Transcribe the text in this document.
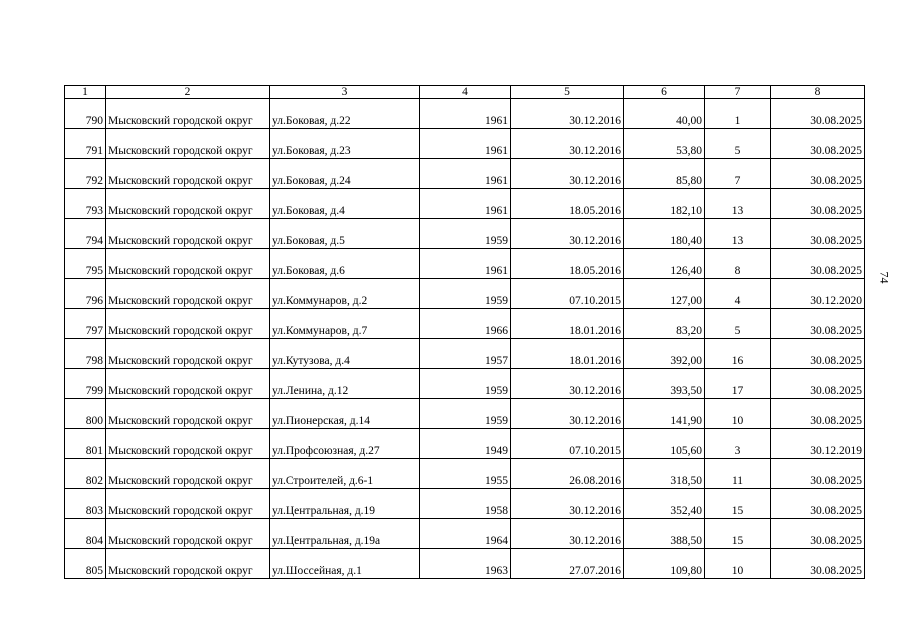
1	2	3	4	5	6	7	8
790	Мысковский городской округ	ул.Боковая, д.22	1961	30.12.2016	40,00	1	30.08.2025
791	Мысковский городской округ	ул.Боковая, д.23	1961	30.12.2016	53,80	5	30.08.2025
792	Мысковский городской округ	ул.Боковая, д.24	1961	30.12.2016	85,80	7	30.08.2025
793	Мысковский городской округ	ул.Боковая, д.4	1961	18.05.2016	182,10	13	30.08.2025
794	Мысковский городской округ	ул.Боковая, д.5	1959	30.12.2016	180,40	13	30.08.2025
795	Мысковский городской округ	ул.Боковая, д.6	1961	18.05.2016	126,40	8	30.08.2025
796	Мысковский городской округ	ул.Коммунаров, д.2	1959	07.10.2015	127,00	4	30.12.2020
797	Мысковский городской округ	ул.Коммунаров, д.7	1966	18.01.2016	83,20	5	30.08.2025
798	Мысковский городской округ	ул.Кутузова, д.4	1957	18.01.2016	392,00	16	30.08.2025
799	Мысковский городской округ	ул.Ленина, д.12	1959	30.12.2016	393,50	17	30.08.2025
800	Мысковский городской округ	ул.Пионерская, д.14	1959	30.12.2016	141,90	10	30.08.2025
801	Мысковский городской округ	ул.Профсоюзная, д.27	1949	07.10.2015	105,60	3	30.12.2019
802	Мысковский городской округ	ул.Строителей, д.6-1	1955	26.08.2016	318,50	11	30.08.2025
803	Мысковский городской округ	ул.Центральная, д.19	1958	30.12.2016	352,40	15	30.08.2025
804	Мысковский городской округ	ул.Центральная, д.19а	1964	30.12.2016	388,50	15	30.08.2025
805	Мысковский городской округ	ул.Шоссейная, д.1	1963	27.07.2016	109,80	10	30.08.2025
74
